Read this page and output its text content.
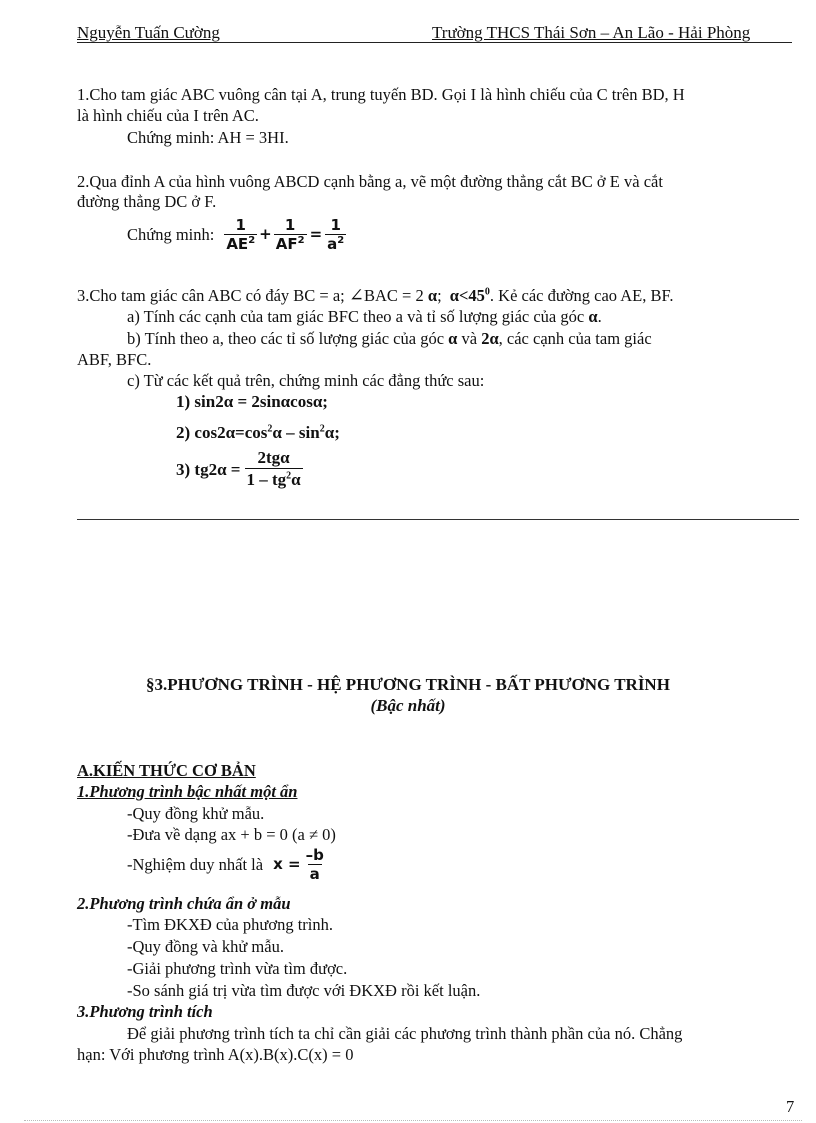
Nguyễn Tuấn Cường	Trường THCS Thái Sơn – An Lão - Hải Phòng
1.Cho tam giác ABC vuông cân tại A, trung tuyến BD. Gọi I là hình chiếu của C trên BD, H
là hình chiếu của I trên AC.
Chứng minh: AH = 3HI.
2.Qua đỉnh A của hình vuông ABCD cạnh bằng a, vẽ một đường thẳng cắt BC ở E và cắt
đường thẳng DC ở F.
Chứng minh: $\frac{1}{AE^2} + \frac{1}{AF^2} = \frac{1}{a^2}$
3.Cho tam giác cân ABC có đáy BC = a; ∠BAC = 2 α; $\alpha<45^0$. Kẻ các đường cao AE, BF.
a) Tính các cạnh của tam giác BFC theo a và tỉ số lượng giác của góc α.
b) Tính theo a, theo các tỉ số lượng giác của góc α và 2α, các cạnh của tam giác
ABF, BFC.
c) Từ các kết quả trên, chứng minh các đẳng thức sau:
1) sin2α = 2sinαcosα;
2) $\cos 2\alpha=\cos^2\alpha - \sin^2\alpha$;
3) $tg2\alpha = \frac{\text{2tgα}}{1 - tg^2\alpha}$
§3.PHƯƠNG TRÌNH - HỆ PHƯƠNG TRÌNH - BẤT PHƯƠNG TRÌNH
(Bậc nhất)
A.KIẾN THỨC CƠ BẢN
1.Phương trình bậc nhất một ẩn
-Quy đồng khử mẫu.
-Đưa về dạng ax + b = 0 (a ≠ 0)
-Nghiệm duy nhất là $x = \frac{-b}{a}$
2.Phương trình chứa ẩn ở mẫu
-Tìm ĐKXĐ của phương trình.
-Quy đồng và khử mẫu.
-Giải phương trình vừa tìm được.
-So sánh giá trị vừa tìm được với ĐKXĐ rồi kết luận.
3.Phương trình tích
Để giải phương trình tích ta chỉ cần giải các phương trình thành phần của nó. Chẳng
hạn: Với phương trình A(x).B(x).C(x) = 0
7
